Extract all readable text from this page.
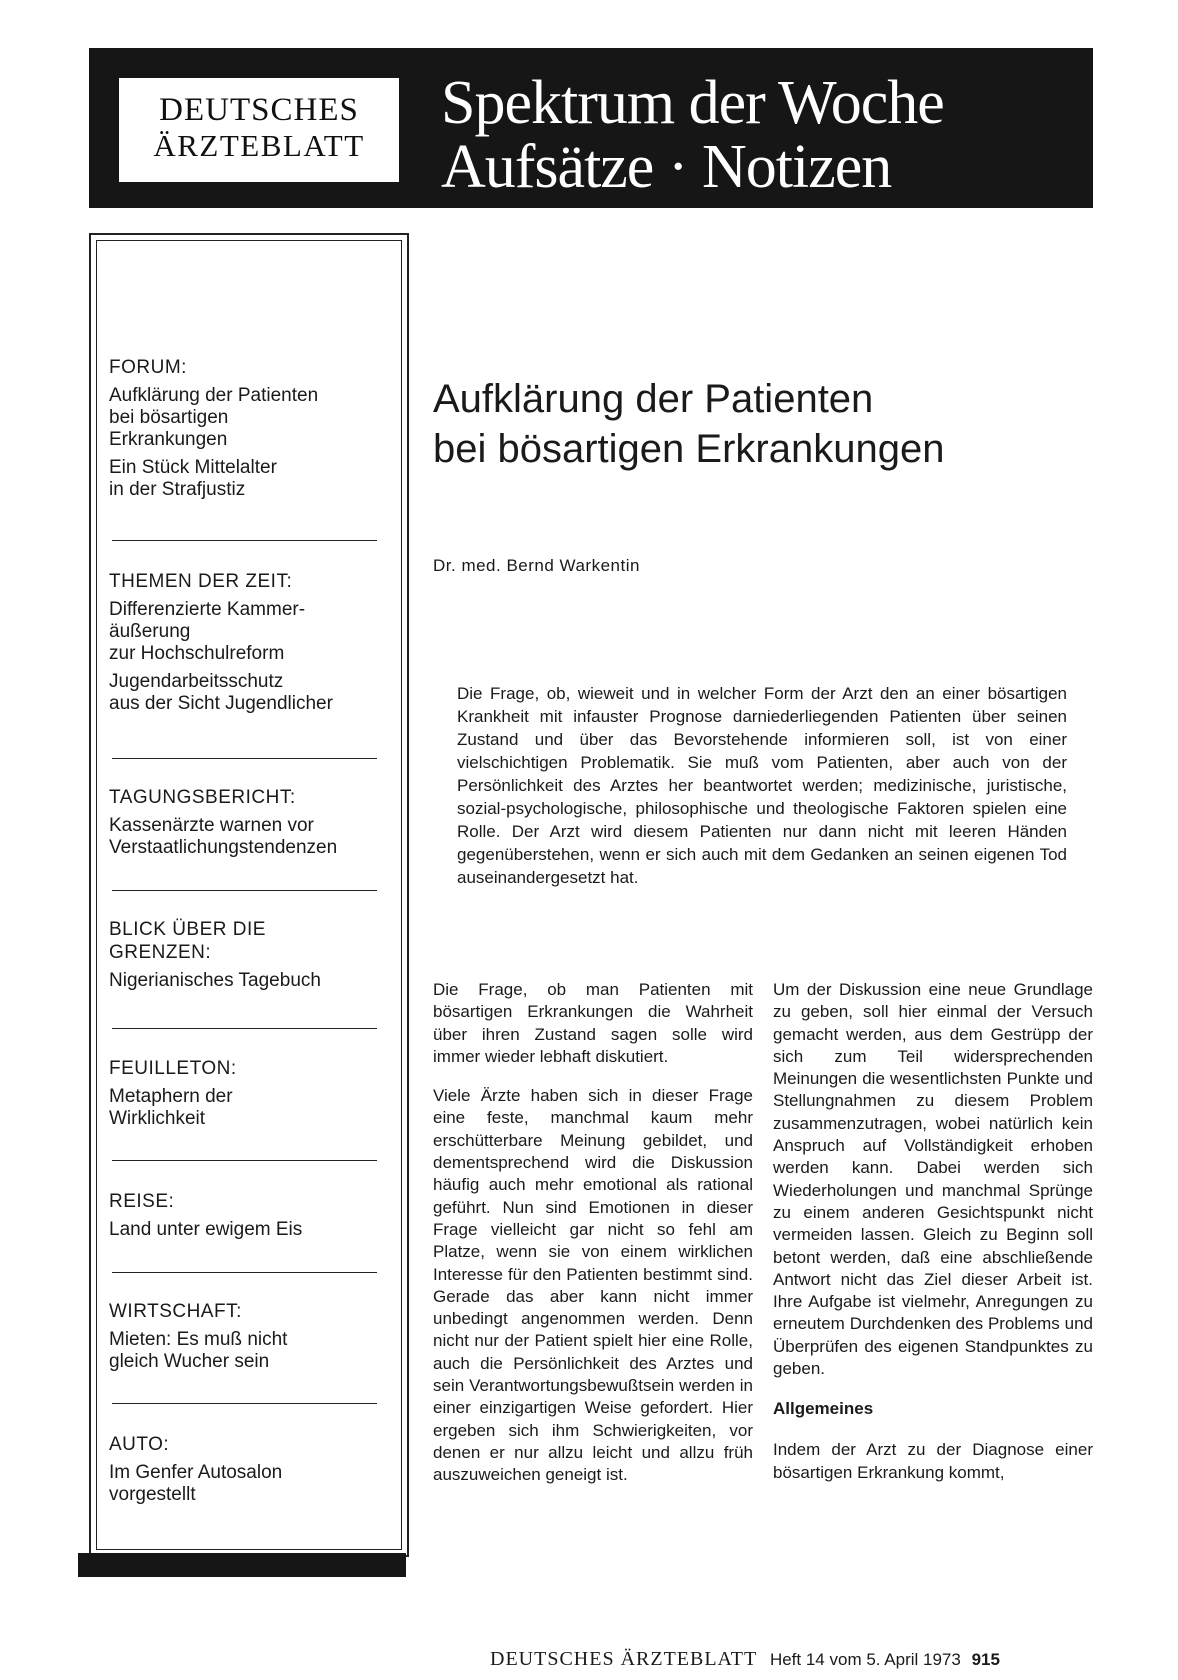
DEUTSCHES
ÄRZTEBLATT
Spektrum der Woche
Aufsätze · Notizen
FORUM:
Aufklärung der Patienten
bei bösartigen
Erkrankungen
Ein Stück Mittelalter
in der Strafjustiz
THEMEN DER ZEIT:
Differenzierte Kammer-
äußerung
zur Hochschulreform
Jugendarbeitsschutz
aus der Sicht Jugendlicher
TAGUNGSBERICHT:
Kassenärzte warnen vor
Verstaatlichungstendenzen
BLICK ÜBER DIE GRENZEN:
Nigerianisches Tagebuch
FEUILLETON:
Metaphern der
Wirklichkeit
REISE:
Land unter ewigem Eis
WIRTSCHAFT:
Mieten: Es muß nicht
gleich Wucher sein
AUTO:
Im Genfer Autosalon
vorgestellt
Aufklärung der Patienten
bei bösartigen Erkrankungen
Dr. med. Bernd Warkentin

Die Frage, ob, wieweit und in welcher Form der Arzt den an einer bösartigen Krankheit mit infauster Prognose darniederliegenden Patienten über seinen Zustand und über das Bevorstehende informieren soll, ist von einer vielschichtigen Problematik. Sie muß vom Patienten, aber auch von der Persönlichkeit des Arztes her beantwortet werden; medizinische, juristische, sozial-psychologische, philosophische und theologische Faktoren spielen eine Rolle. Der Arzt wird diesem Patienten nur dann nicht mit leeren Händen gegenüberstehen, wenn er sich auch mit dem Gedanken an seinen eigenen Tod auseinandergesetzt hat.

Die Frage, ob man Patienten mit bösartigen Erkrankungen die Wahrheit über ihren Zustand sagen solle wird immer wieder lebhaft diskutiert.

Viele Ärzte haben sich in dieser Frage eine feste, manchmal kaum mehr erschütterbare Meinung gebildet, und dementsprechend wird die Diskussion häufig auch mehr emotional als rational geführt. Nun sind Emotionen in dieser Frage vielleicht gar nicht so fehl am Platze, wenn sie von einem wirklichen Interesse für den Patienten bestimmt sind. Gerade das aber kann nicht immer unbedingt angenommen werden. Denn nicht nur der Patient spielt hier eine Rolle, auch die Persönlichkeit des Arztes und sein Verantwortungsbewußtsein werden in einer einzigartigen Weise gefordert. Hier ergeben sich ihm Schwierigkeiten, vor denen er nur allzu leicht und allzu früh auszuweichen geneigt ist.

Um der Diskussion eine neue Grundlage zu geben, soll hier einmal der Versuch gemacht werden, aus dem Gestrüpp der sich zum Teil widersprechenden Meinungen die wesentlichsten Punkte und Stellungnahmen zu diesem Problem zusammenzutragen, wobei natürlich kein Anspruch auf Vollständigkeit erhoben werden kann. Dabei werden sich Wiederholungen und manchmal Sprünge zu einem anderen Gesichtspunkt nicht vermeiden lassen. Gleich zu Beginn soll betont werden, daß eine abschließende Antwort nicht das Ziel dieser Arbeit ist. Ihre Aufgabe ist vielmehr, Anregungen zu erneutem Durchdenken des Problems und Überprüfen des eigenen Standpunktes zu geben.

Allgemeines

Indem der Arzt zu der Diagnose einer bösartigen Erkrankung kommt,

DEUTSCHES ÄRZTEBLATT Heft 14 vom 5. April 1973 915
